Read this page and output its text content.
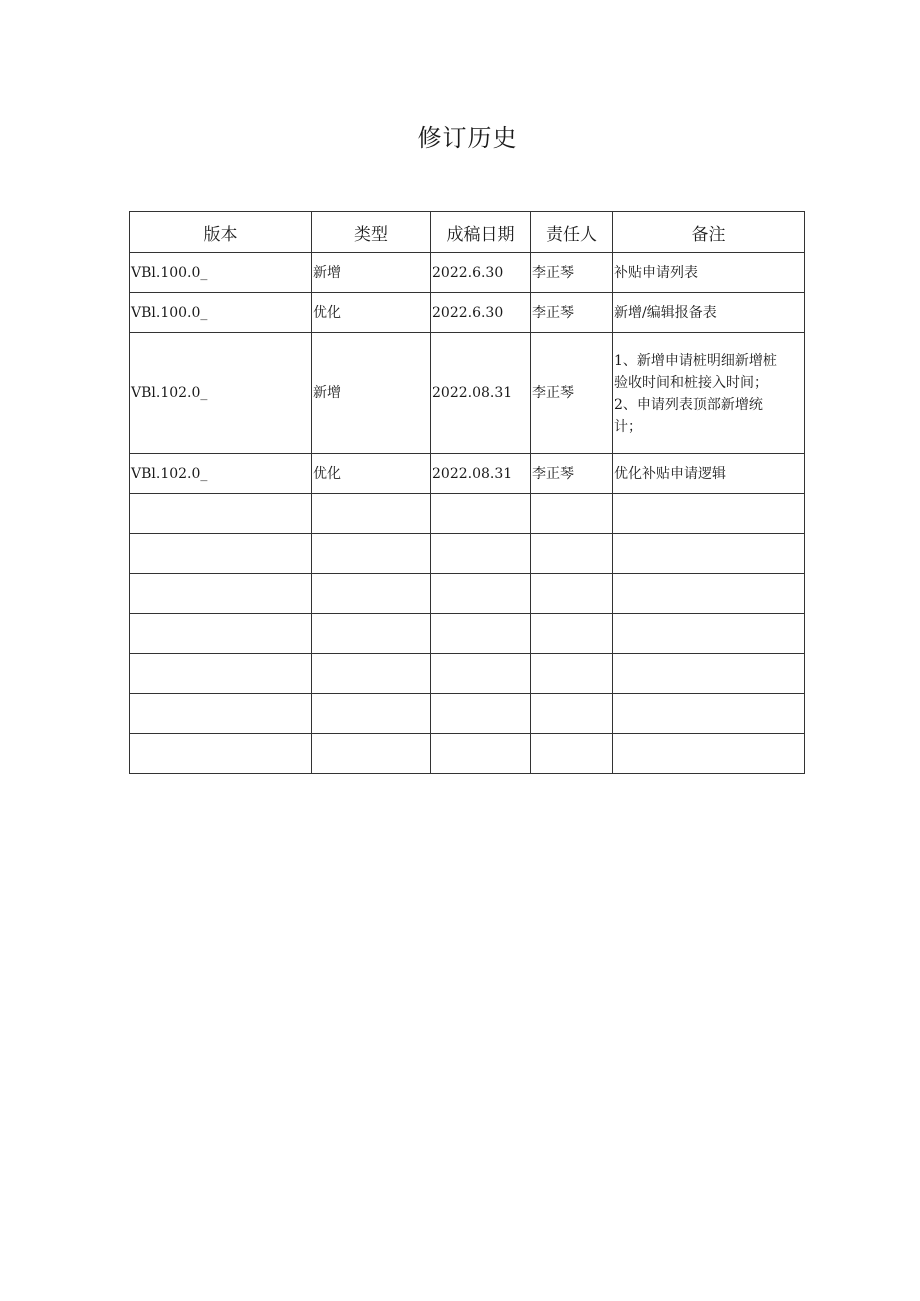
修订历史
版本	类型	成稿日期	责任人	备注
VBl.100.0_	新增	2022.6.30	李正琴	补贴申请列表
VBl.100.0_	优化	2022.6.30	李正琴	新增/编辑报备表
VBl.102.0_	新增	2022.08.31	李正琴	1、新增申请桩明细新增桩
验收时间和桩接入时间；
2、申请列表顶部新增统
计；

VBl.102.0_	优化	2022.08.31	李正琴	优化补贴申请逻辑
